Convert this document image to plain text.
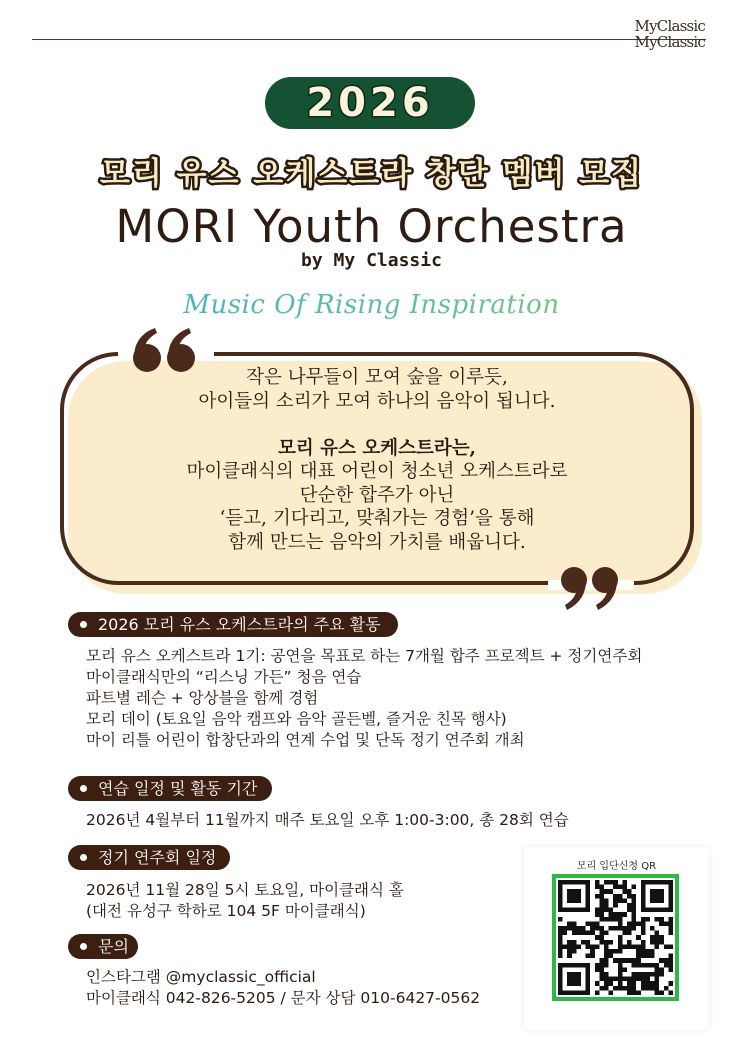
MyClassic
MyClassic
2026
모리 유스 오케스트라 창단 멤버 모집
MORI Youth Orchestra
by My Classic
Music Of Rising Inspiration

작은 나무들이 모여 숲을 이루듯,

아이들의 소리가 모여 하나의 음악이 됩니다.

모리 유스 오케스트라는,

마이클래식의 대표 어린이 청소년 오케스트라로

단순한 합주가 아닌

‘듣고, 기다리고, 맞춰가는 경험’을 통해

함께 만드는 음악의 가치를 배웁니다.

2026 모리 유스 오케스트라의 주요 활동
모리 유스 오케스트라 1기: 공연을 목표로 하는 7개월 합주 프로젝트 + 정기연주회
마이클래식만의 “리스닝 가든” 청음 연습
파트별 레슨 + 앙상블을 함께 경험
모리 데이 (토요일 음악 캠프와 음악 골든벨, 즐거운 친목 행사)
마이 리틀 어린이 합창단과의 연계 수업 및 단독 정기 연주회 개최
연습 일정 및 활동 기간
2026년 4월부터 11월까지 매주 토요일 오후 1:00-3:00, 총 28회 연습
정기 연주회 일정
2026년 11월 28일 5시 토요일, 마이클래식 홀
(대전 유성구 학하로 104 5F 마이클래식)
문의
인스타그램 @myclassic_official
마이클래식 042-826-5205 / 문자 상담 010-6427-0562
모리 입단신청 QR
